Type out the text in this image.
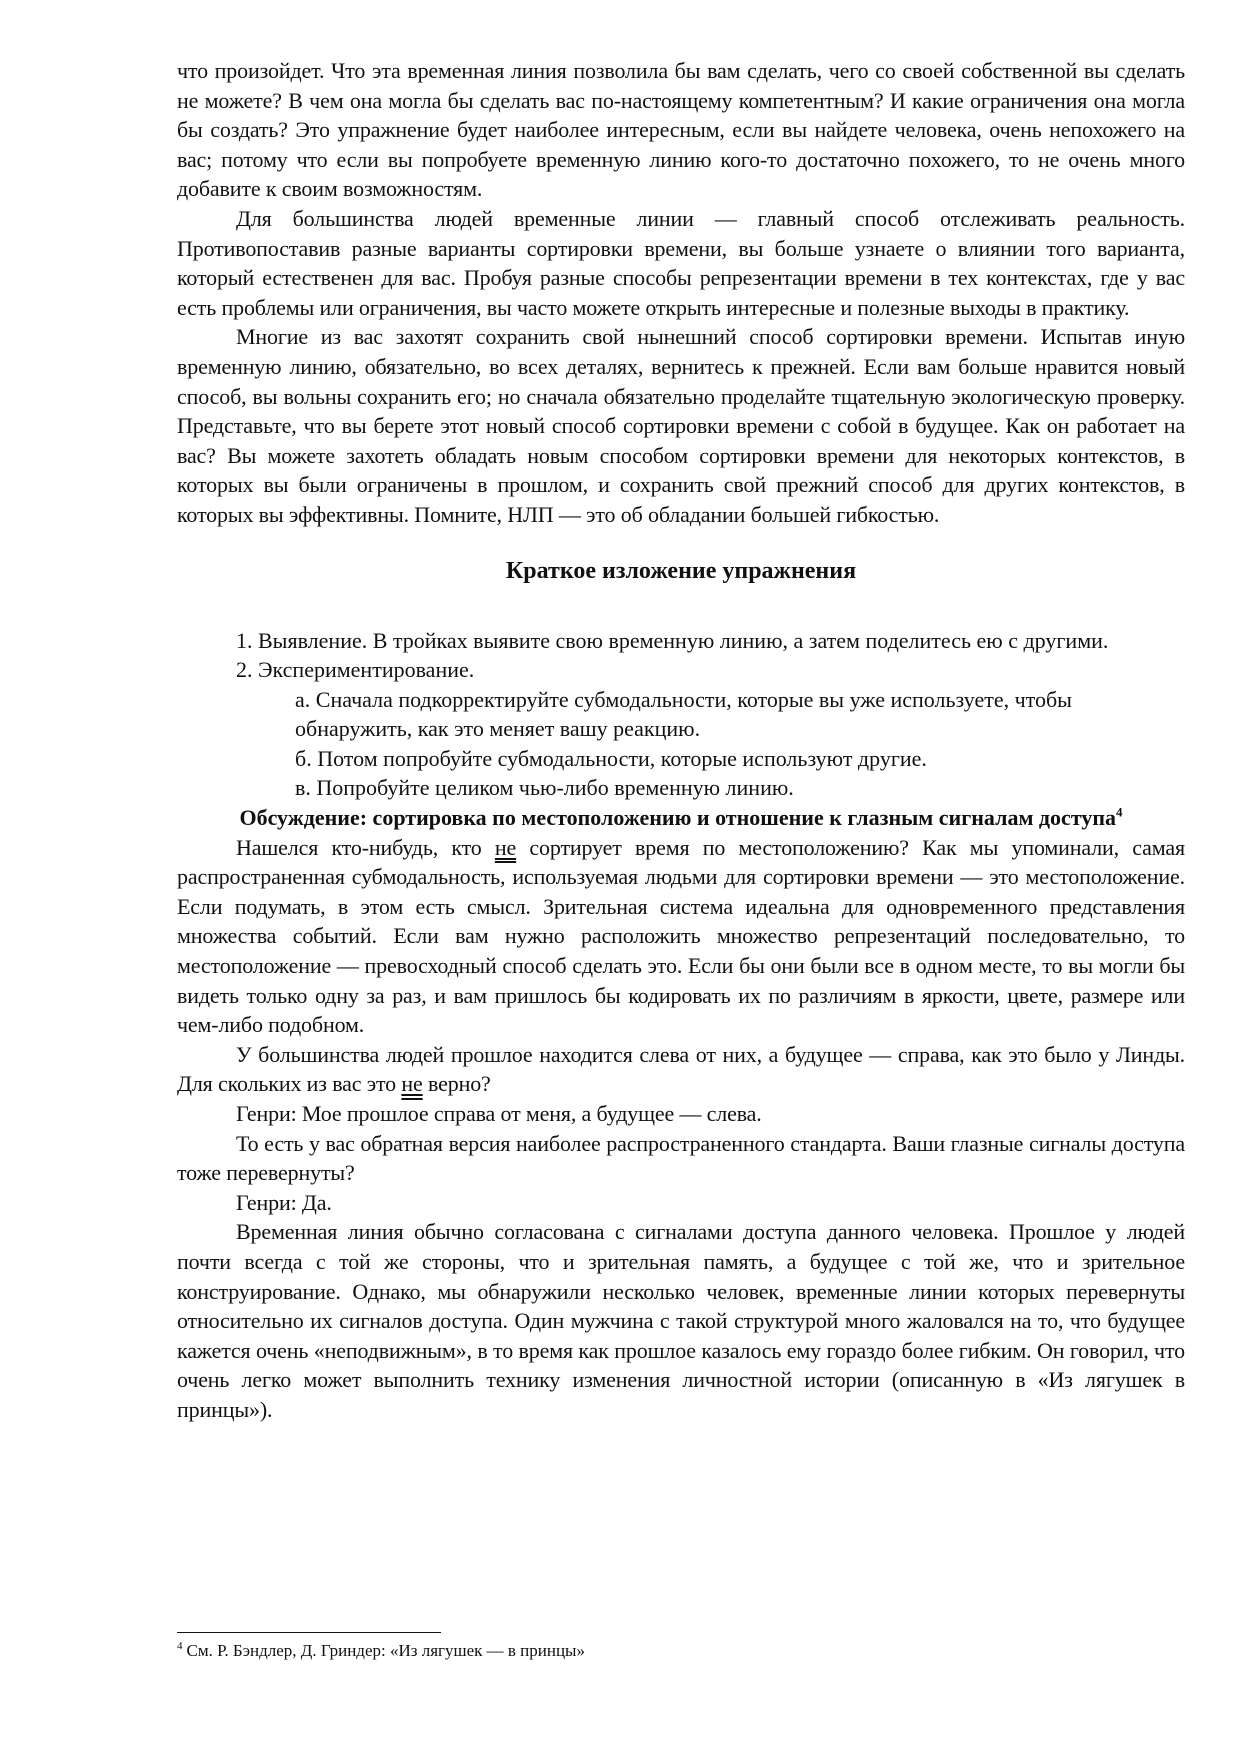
что произойдет. Что эта временная линия позволила бы вам сделать, чего со своей собственной вы сделать не можете? В чем она могла бы сделать вас по-настоящему компетентным? И какие ограничения она могла бы создать? Это упражнение будет наиболее интересным, если вы найдете человека, очень непохожего на вас; потому что если вы попробуете временную линию кого-то достаточно похожего, то не очень много добавите к своим возможностям.

Для большинства людей временные линии — главный способ отслеживать реальность. Противопоставив разные варианты сортировки времени, вы больше узнаете о влиянии того варианта, который естественен для вас. Пробуя разные способы репрезентации времени в тех контекстах, где у вас есть проблемы или ограничения, вы часто можете открыть интересные и полезные выходы в практику.

Многие из вас захотят сохранить свой нынешний способ сортировки времени. Испытав иную временную линию, обязательно, во всех деталях, вернитесь к прежней. Если вам больше нравится новый способ, вы вольны сохранить его; но сначала обязательно проделайте тщательную экологическую проверку. Представьте, что вы берете этот новый способ сортировки времени с собой в будущее. Как он работает на вас? Вы можете захотеть обладать новым способом сортировки времени для некоторых контекстов, в которых вы были ограничены в прошлом, и сохранить свой прежний способ для других контекстов, в которых вы эффективны. Помните, НЛП — это об обладании большей гибкостью.

Краткое изложение упражнения

1. Выявление. В тройках выявите свою временную линию, а затем поделитесь ею с другими.

2. Экспериментирование.

а. Сначала подкорректируйте субмодальности, которые вы уже используете, чтобы обнаружить, как это меняет вашу реакцию.

б. Потом попробуйте субмодальности, которые используют другие.

в. Попробуйте целиком чью-либо временную линию.

Обсуждение: сортировка по местоположению и отношение к глазным сигналам доступа$^4$

Нашелся кто-нибудь, кто не сортирует время по местоположению? Как мы упоминали, самая распространенная субмодальность, используемая людьми для сортировки времени — это местоположение. Если подумать, в этом есть смысл. Зрительная система идеальна для одновременного представления множества событий. Если вам нужно расположить множество репрезентаций последовательно, то местоположение — превосходный способ сделать это. Если бы они были все в одном месте, то вы могли бы видеть только одну за раз, и вам пришлось бы кодировать их по различиям в яркости, цвете, размере или чем-либо подобном.

У большинства людей прошлое находится слева от них, а будущее — справа, как это было у Линды. Для скольких из вас это не верно?

Генри: Мое прошлое справа от меня, а будущее — слева.

То есть у вас обратная версия наиболее распространенного стандарта. Ваши глазные сигналы доступа тоже перевернуты?

Генри: Да.

Временная линия обычно согласована с сигналами доступа данного человека. Прошлое у людей почти всегда с той же стороны, что и зрительная память, а будущее с той же, что и зрительное конструирование. Однако, мы обнаружили несколько человек, временные линии которых перевернуты относительно их сигналов доступа. Один мужчина с такой структурой много жаловался на то, что будущее кажется очень «неподвижным», в то время как прошлое казалось ему гораздо более гибким. Он говорил, что очень легко может выполнить технику изменения личностной истории (описанную в «Из лягушек в принцы»).

$^4$ См. Р. Бэндлер, Д. Гриндер: «Из лягушек — в принцы»
